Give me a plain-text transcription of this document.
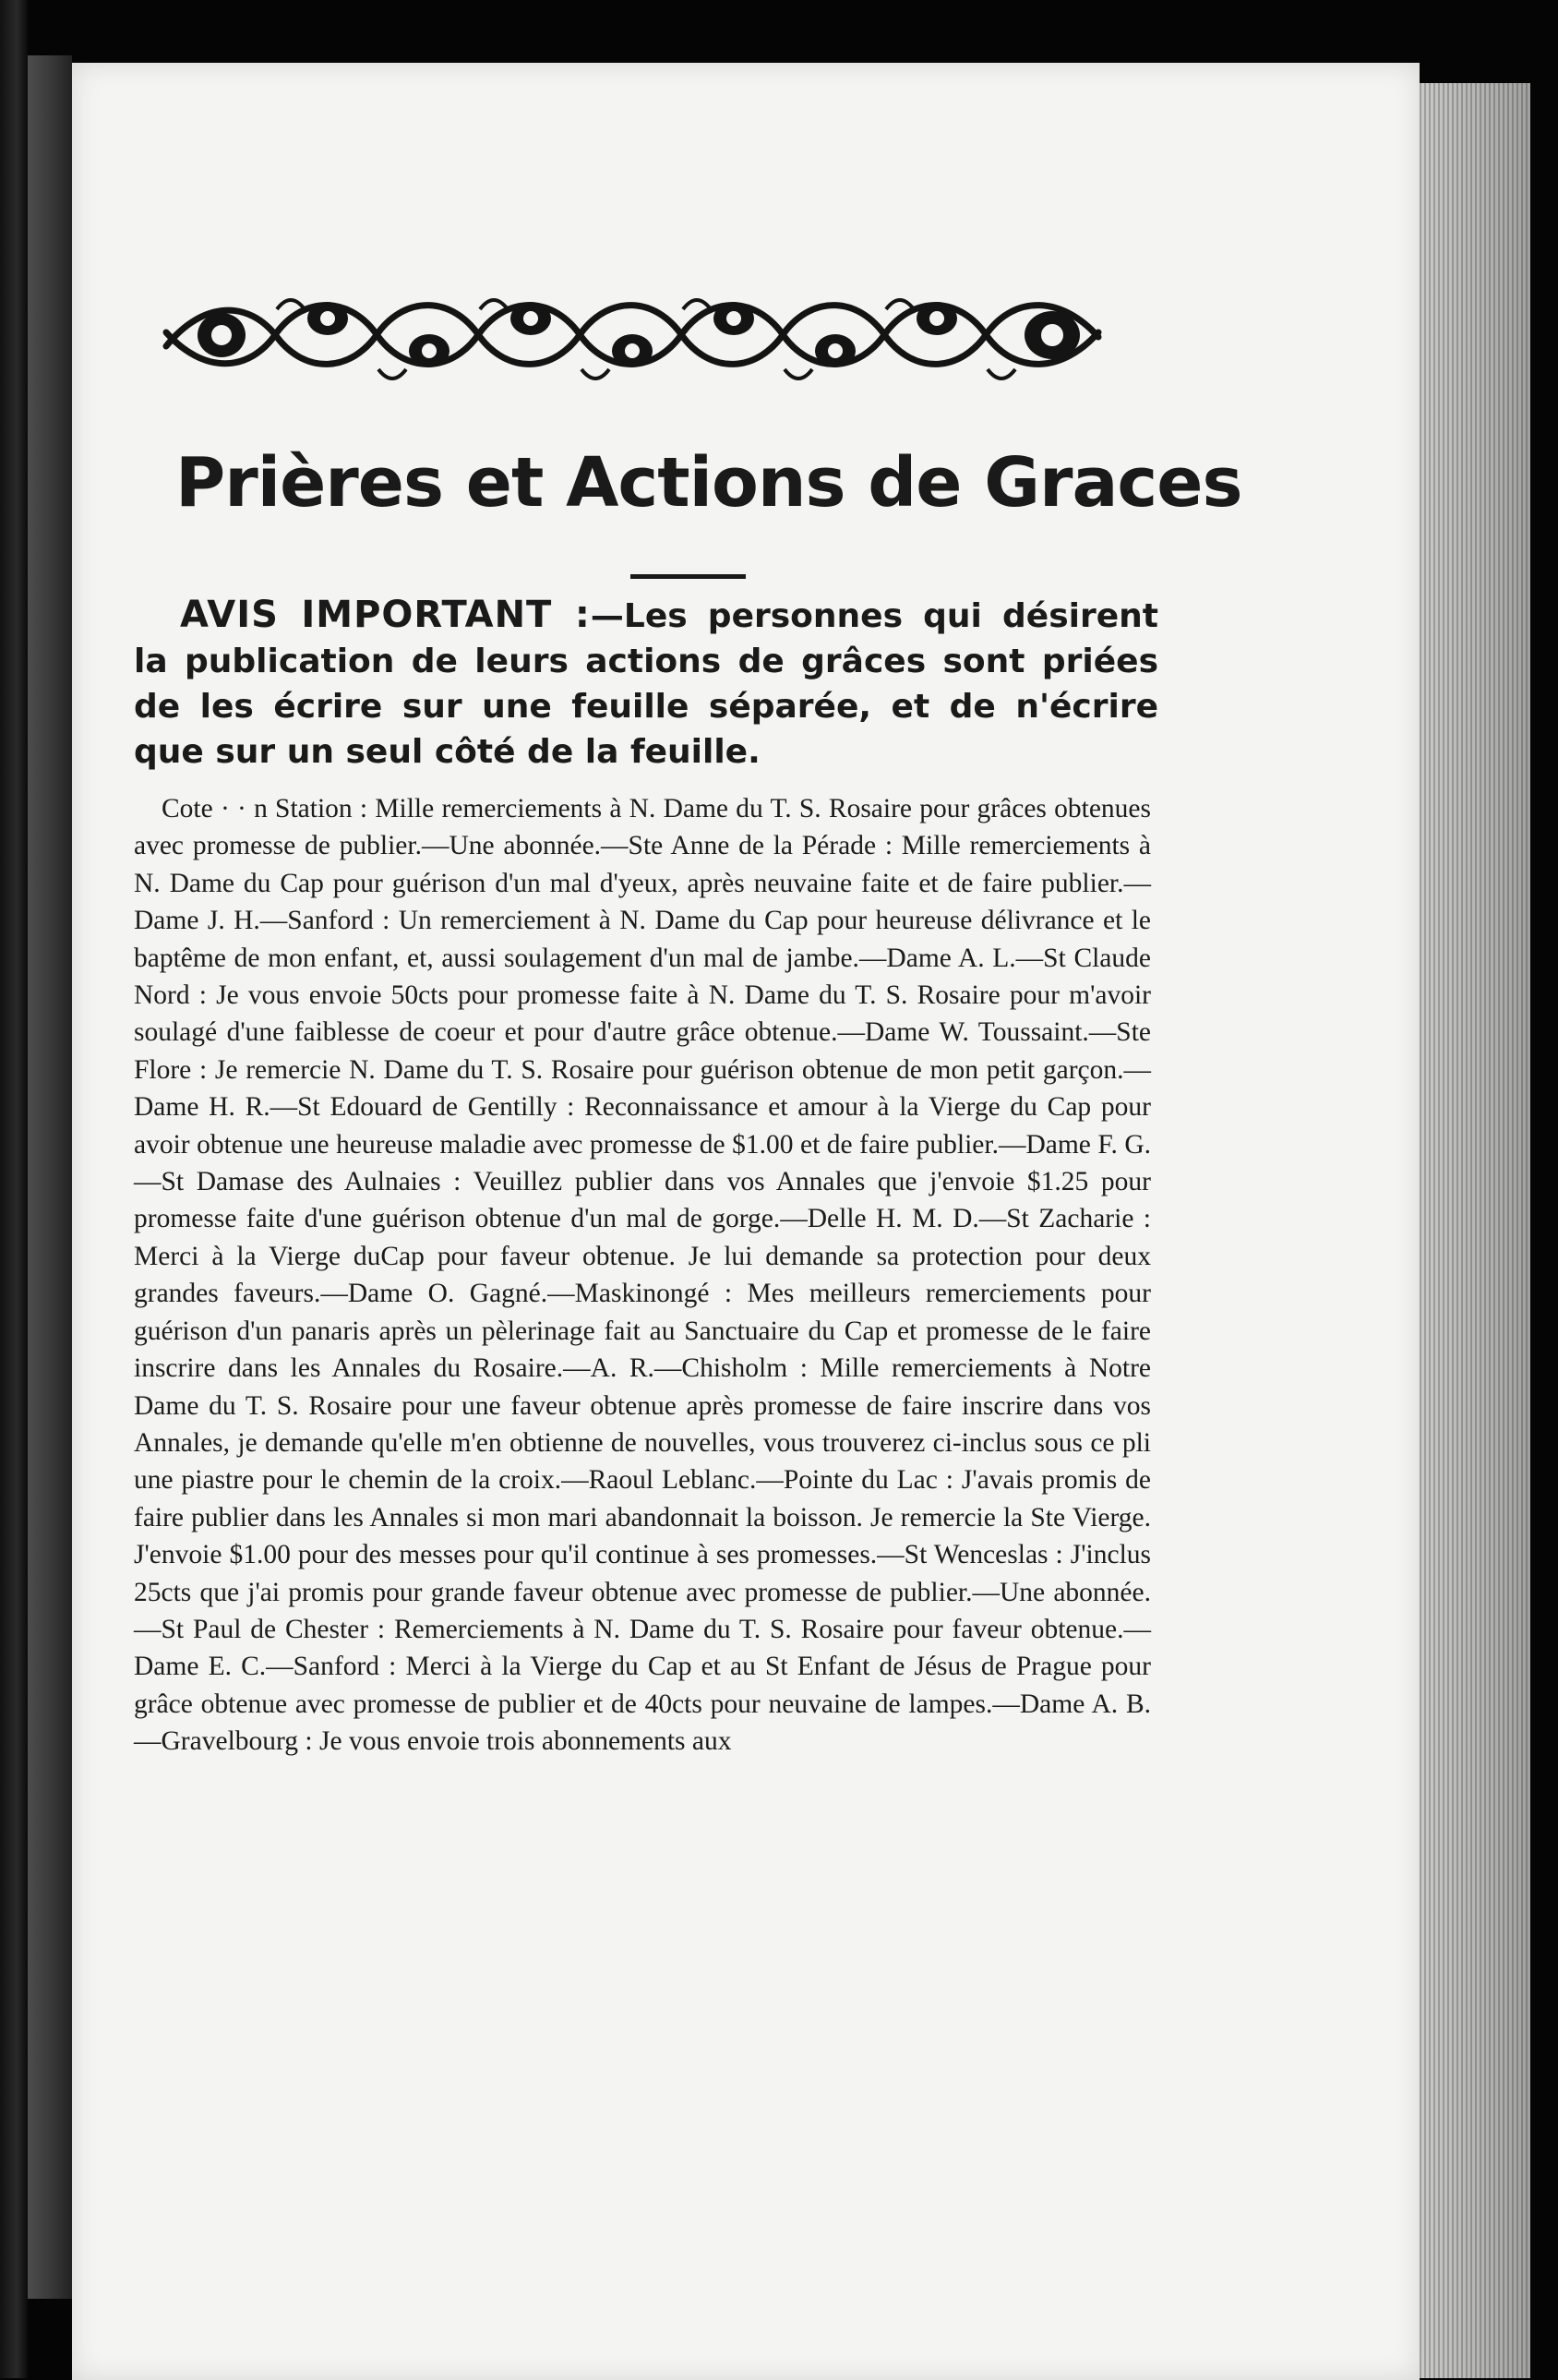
Prières et Actions de Graces
AVIS IMPORTANT :—Les personnes qui désirent la publication de leurs actions de grâces sont priées de les écrire sur une feuille séparée, et de n'écrire que sur un seul côté de la feuille.
Cote · · n Station : Mille remerciements à N. Dame du T. S. Rosaire pour grâces obtenues avec promesse de publier.—Une abonnée.—Ste Anne de la Pérade : Mille remerciements à N. Dame du Cap pour guérison d'un mal d'yeux, après neuvaine faite et de faire publier.—Dame J. H.—Sanford : Un remerciement à N. Dame du Cap pour heureuse délivrance et le baptême de mon enfant, et, aussi soulagement d'un mal de jambe.—Dame A. L.—St Claude Nord : Je vous envoie 50cts pour promesse faite à N. Dame du T. S. Rosaire pour m'avoir soulagé d'une faiblesse de coeur et pour d'autre grâce obtenue.—Dame W. Toussaint.—Ste Flore : Je remercie N. Dame du T. S. Rosaire pour guérison obtenue de mon petit garçon.—Dame H. R.—St Edouard de Gentilly : Reconnaissance et amour à la Vierge du Cap pour avoir obtenue une heureuse maladie avec promesse de $1.00 et de faire publier.—Dame F. G.—St Damase des Aulnaies : Veuillez publier dans vos Annales que j'envoie $1.25 pour promesse faite d'une guérison obtenue d'un mal de gorge.—Delle H. M. D.—St Zacharie : Merci à la Vierge duCap pour faveur obtenue. Je lui demande sa protection pour deux grandes faveurs.—Dame O. Gagné.—Maskinongé : Mes meilleurs remerciements pour guérison d'un panaris après un pèlerinage fait au Sanctuaire du Cap et promesse de le faire inscrire dans les Annales du Rosaire.—A. R.—Chisholm : Mille remerciements à Notre Dame du T. S. Rosaire pour une faveur obtenue après promesse de faire inscrire dans vos Annales, je demande qu'elle m'en obtienne de nouvelles, vous trouverez ci-inclus sous ce pli une piastre pour le chemin de la croix.—Raoul Leblanc.—Pointe du Lac : J'avais promis de faire publier dans les Annales si mon mari abandonnait la boisson. Je remercie la Ste Vierge. J'envoie $1.00 pour des messes pour qu'il continue à ses promesses.—St Wenceslas : J'inclus 25cts que j'ai promis pour grande faveur obtenue avec promesse de publier.—Une abonnée.—St Paul de Chester : Remerciements à N. Dame du T. S. Rosaire pour faveur obtenue.—Dame E. C.—Sanford : Merci à la Vierge du Cap et au St Enfant de Jésus de Prague pour grâce obtenue avec promesse de publier et de 40cts pour neuvaine de lampes.—Dame A. B.—Gravelbourg : Je vous envoie trois abonnements aux
